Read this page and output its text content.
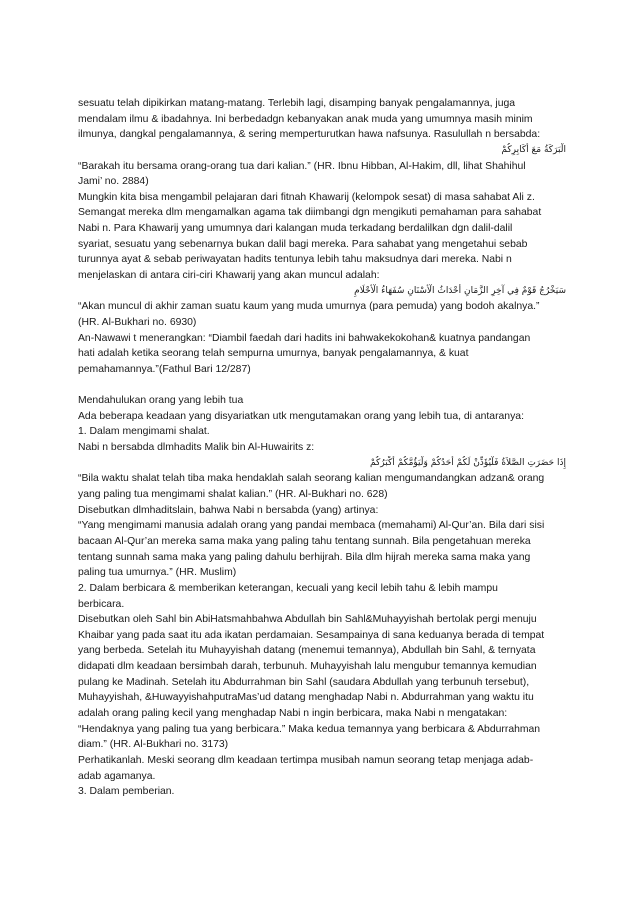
sesuatu telah dipikirkan matang-matang. Terlebih lagi, disamping banyak pengalamannya, juga
mendalam ilmu & ibadahnya. Ini berbedadgn kebanyakan anak muda yang umumnya masih minim
ilmunya, dangkal pengalamannya, & sering memperturutkan hawa nafsunya. Rasulullah n bersabda:
الْبَرَكَةُ مَعَ أَكَابِرِكُمْ
“Barakah itu bersama orang-orang tua dari kalian.” (HR. Ibnu Hibban, Al-Hakim, dll, lihat Shahihul
Jami’ no. 2884)
Mungkin kita bisa mengambil pelajaran dari fitnah Khawarij (kelompok sesat) di masa sahabat Ali z.
Semangat mereka dlm mengamalkan agama tak diimbangi dgn mengikuti pemahaman para sahabat
Nabi n. Para Khawarij yang umumnya dari kalangan muda terkadang berdalilkan dgn dalil-dalil
syariat, sesuatu yang sebenarnya bukan dalil bagi mereka. Para sahabat yang mengetahui sebab
turunnya ayat & sebab periwayatan hadits tentunya lebih tahu maksudnya dari mereka. Nabi n
menjelaskan di antara ciri-ciri Khawarij yang akan muncul adalah:
سَيَخْرُجُ قَوْمٌ فِي آخِرِ الزَّمَانِ أَحْدَاثُ الْأَسْنَانِ سُفَهَاءُ الْأَحْلَامِ
“Akan muncul di akhir zaman suatu kaum yang muda umurnya (para pemuda) yang bodoh akalnya.”
(HR. Al-Bukhari no. 6930)
An-Nawawi t menerangkan: “Diambil faedah dari hadits ini bahwakekokohan& kuatnya pandangan
hati adalah ketika seorang telah sempurna umurnya, banyak pengalamannya, & kuat
pemahamannya.”(Fathul Bari 12/287)
Mendahulukan orang yang lebih tua
Ada beberapa keadaan yang disyariatkan utk mengutamakan orang yang lebih tua, di antaranya:
1. Dalam mengimami shalat.
Nabi n bersabda dlmhadits Malik bin Al-Huwairits z:
إِذَا حَضَرَتِ الصَّلاَةُ فَلْيُؤَذِّنْ لَكُمْ أَحَدُكُمْ وَلْيَؤُمَّكُمْ أَكْبَرُكُمْ
“Bila waktu shalat telah tiba maka hendaklah salah seorang kalian mengumandangkan adzan& orang
yang paling tua mengimami shalat kalian.” (HR. Al-Bukhari no. 628)
Disebutkan dlmhaditslain, bahwa Nabi n bersabda (yang) artinya:
“Yang mengimami manusia adalah orang yang pandai membaca (memahami) Al-Qur’an. Bila dari sisi
bacaan Al-Qur’an mereka sama maka yang paling tahu tentang sunnah. Bila pengetahuan mereka
tentang sunnah sama maka yang paling dahulu berhijrah. Bila dlm hijrah mereka sama maka yang
paling tua umurnya.” (HR. Muslim)
2. Dalam berbicara & memberikan keterangan, kecuali yang kecil lebih tahu & lebih mampu
berbicara.
Disebutkan oleh Sahl bin AbiHatsmahbahwa Abdullah bin Sahl&Muhayyishah bertolak pergi menuju
Khaibar yang pada saat itu ada ikatan perdamaian. Sesampainya di sana keduanya berada di tempat
yang berbeda. Setelah itu Muhayyishah datang (menemui temannya), Abdullah bin Sahl, & ternyata
didapati dlm keadaan bersimbah darah, terbunuh. Muhayyishah lalu mengubur temannya kemudian
pulang ke Madinah. Setelah itu Abdurrahman bin Sahl (saudara Abdullah yang terbunuh tersebut),
Muhayyishah, &HuwayyishahputraMas’ud datang menghadap Nabi n. Abdurrahman yang waktu itu
adalah orang paling kecil yang menghadap Nabi n ingin berbicara, maka Nabi n mengatakan:
“Hendaknya yang paling tua yang berbicara.” Maka kedua temannya yang berbicara & Abdurrahman
diam.” (HR. Al-Bukhari no. 3173)
Perhatikanlah. Meski seorang dlm keadaan tertimpa musibah namun seorang tetap menjaga adab-
adab agamanya.
3. Dalam pemberian.
